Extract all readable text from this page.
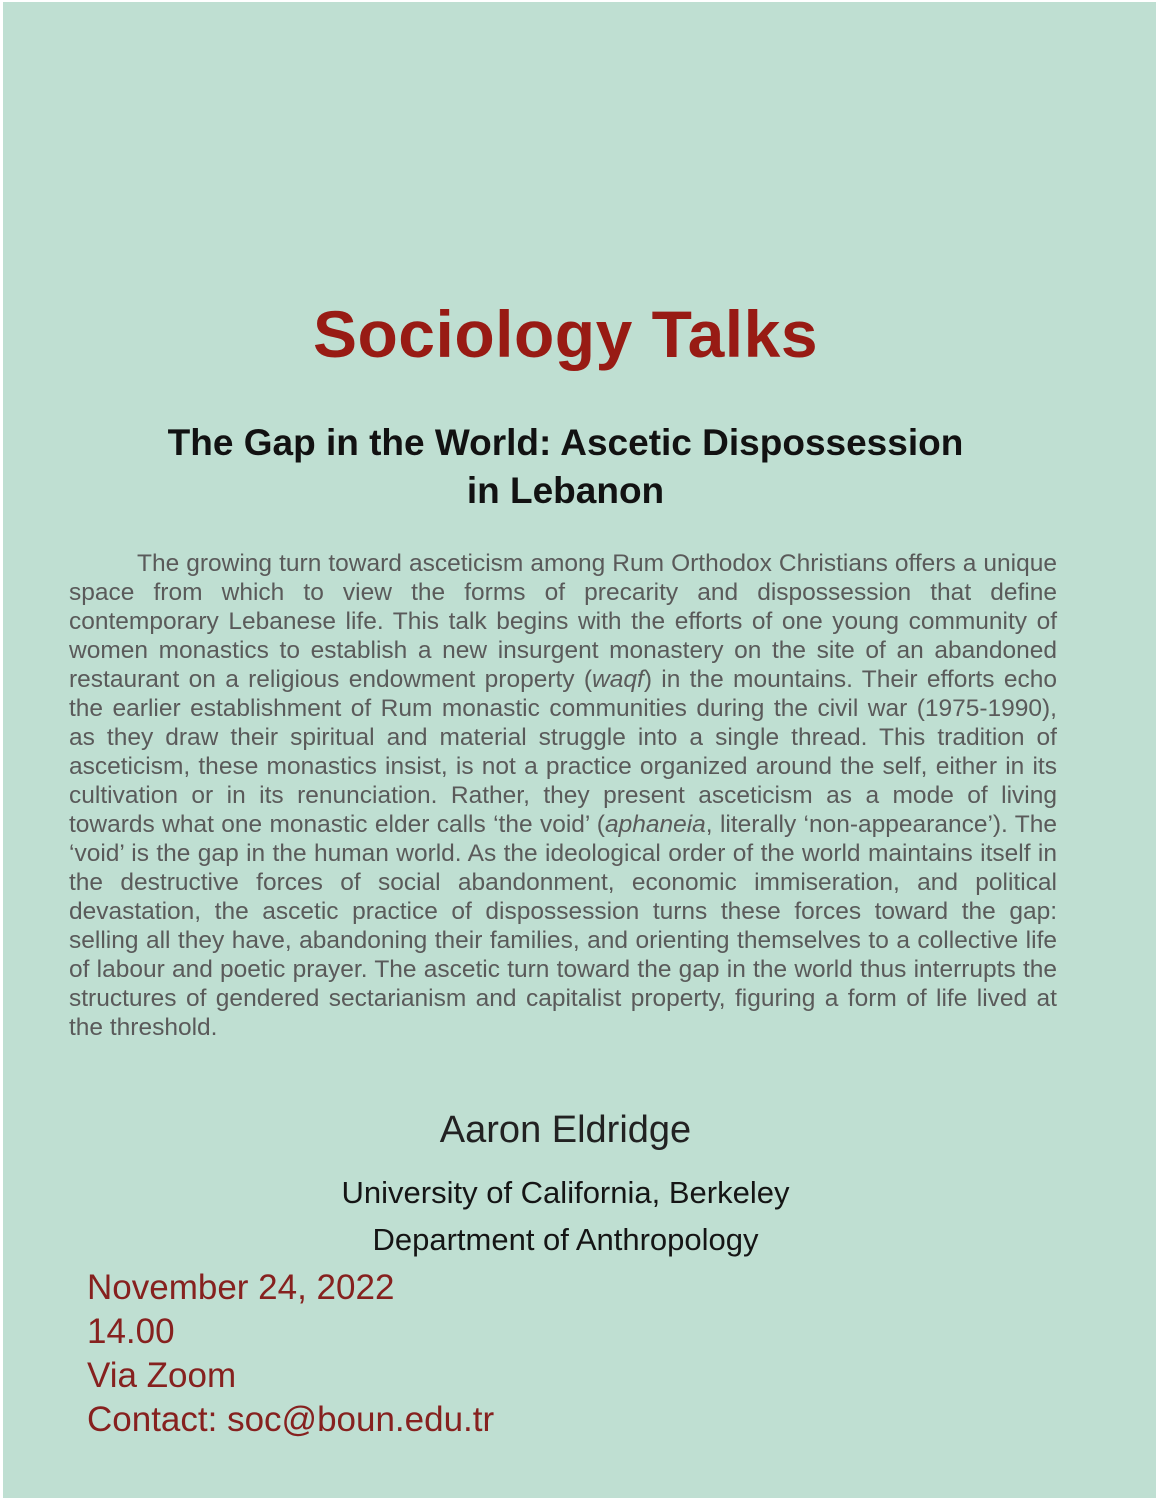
Sociology Talks
The Gap in the World: Ascetic Dispossession
in Lebanon

The growing turn toward asceticism among Rum Orthodox Christians offers a unique space from which to view the forms of precarity and dispossession that define contemporary Lebanese life. This talk begins with the efforts of one young community of women monastics to establish a new insurgent monastery on the site of an abandoned restaurant on a religious endowment property (waqf) in the mountains. Their efforts echo the earlier establishment of Rum monastic communities during the civil war (1975-1990), as they draw their spiritual and material struggle into a single thread. This tradition of asceticism, these monastics insist, is not a practice organized around the self, either in its cultivation or in its renunciation. Rather, they present asceticism as a mode of living towards what one monastic elder calls ‘the void’ (aphaneia, literally ‘non-appearance’). The ‘void’ is the gap in the human world. As the ideological order of the world maintains itself in the destructive forces of social abandonment, economic immiseration, and political devastation, the ascetic practice of dispossession turns these forces toward the gap: selling all they have, abandoning their families, and orienting themselves to a collective life of labour and poetic prayer. The ascetic turn toward the gap in the world thus interrupts the structures of gendered sectarianism and capitalist property, figuring a form of life lived at the threshold.

Aaron Eldridge
University of California, Berkeley
Department of Anthropology
November 24, 2022
14.00
Via Zoom
Contact: soc@boun.edu.tr
